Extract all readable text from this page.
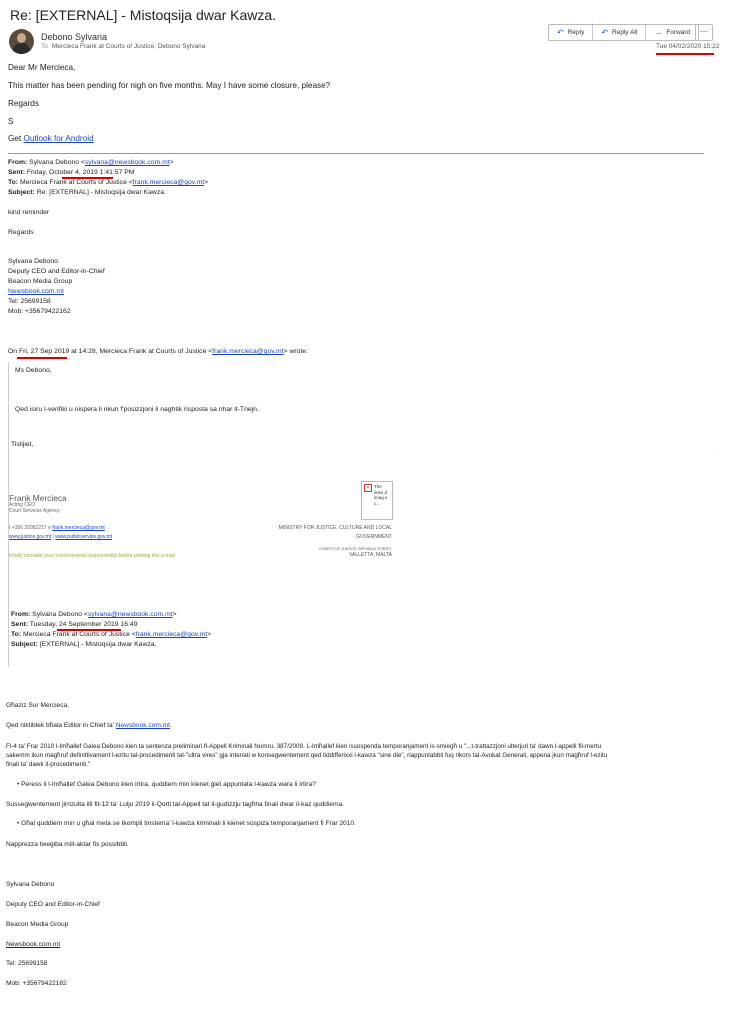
Re: [EXTERNAL] - Mistoqsija dwar Kawza.
Debono Sylvana
To Mercieca Frank at Courts of Justice; Debono Sylvana
↶ Reply ↶ Reply All → Forward	···
Tue 04/02/2020 15:22
Dear Mr Mercieca,
This matter has been pending for nigh on five months. May I have some closure, please?
Regards
S
Get Outlook for Android
From: Sylvana Debono <sylvana@newsbook.com.mt>
Sent: Friday, October 4, 2019 1:41:57 PM
To: Mercieca Frank at Courts of Justice <frank.mercieca@gov.mt>
Subject: Re: [EXTERNAL] - Mistoqsija dwar Kawza.
kind reminder
Regards
Sylvana Debono
Deputy CEO and Editor-in-Chief
Beacon Media Group
Newsbook.com.mt
Tel: 25699158
Mob: +35679422162
On Fri, 27 Sep 2019 at 14:28, Mercieca Frank at Courts of Justice <frank.mercieca@gov.mt> wrote:
Ms Debono,
Qed isiru l-verifiki u nispera li nkun f'posizzjoni li naghtik risposta sa nhar it-Tnejn.
Tislijiet,
.
Frank Mercieca
Acting CEO
Court Services Agency
×	The linke d imag e c...
t +356 25982217 e frank.mercieca@gov.mt
www.justice.gov.mt | www.publicservice.gov.mt
Kindly consider your environmental responsibility before printing this e-mail.
MINISTRY FOR JUSTICE, CULTURE AND LOCAL
GOVERNMENT
COURTS OF JUSTICE, REPUBLIC STREET,
VALLETTA, MALTA
From: Sylvana Debono <sylvana@newsbook.com.mt>
Sent: Tuesday, 24 September 2019 16:49
To: Mercieca Frank at Courts of Justice <frank.mercieca@gov.mt>
Subject: [EXTERNAL] - Mistoqsija dwar Kawza.
Għaziz Sur Mercieca,
Qed niktiblek bħala Editor in Chief ta' Newsbook.com.mt.
Fl-4 ta' Frar 2010 l-Imħallef Galea Debono kien ta sentenza preliminari fl-Appell Kriminali Numru. 387/2009. L-Imħallef kien issospenda temporanjament is-smiegħ u "...t-trattazzjoni ulterjuri ta' dawn l-appelli fil-mertu
sakemm ikun magħruf definittivament l-ezitu tal-proċedimenti tal-"ultra vires" gja intenati w konsegwentement qed tiddifferixxi l-kawza "sine die", riappuntabbli fuq rikors tal-Avukat Generali, appena jkun magħruf l-ezitu
finali ta' dawk il-proċedimenti."
• Peress li l-Imħallef Galea Debono kien irtira, quddiem min kienet ġiet appuntata l-kawza wara li irtira?
Sussegwentement jirrizulta illi fit-12 ta' Lulju 2019 il-Qorti tal-Appell tat il-gudizzju tagħha finali dwar il-kaz quddiema.
• Għal quddiem min u għal meta se tkompli tinstema' l-kawza kriminali li kienet sospiza temporanjament fi Frar 2010.
Napprezza tweġiba mill-aktar fis possibbli.
Sylvana Debono
Deputy CEO and Editor-in-Chief
Beacon Media Group
Newsbook.com.mt
Tel: 25699158
Mob: +35679422162
